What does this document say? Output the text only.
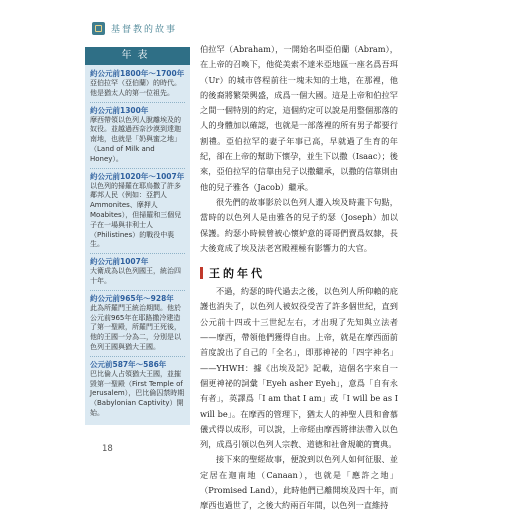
基督教的故事
年表
約公元前1800年～1700年
亞伯拉罕（亞伯蘭）的時代。他是猶太人的第一位祖先。
約公元前1300年
摩西帶領以色列人脫離埃及的奴役。並越過西奈沙漠到達迦南地，也就是「奶與蜜之地」（Land of Milk and Honey）。
約公元前1020年～1007年
以色列的掃羅在耶烏撒了許多鄰邦人民（例如：亞捫人Ammonites、摩押人Moabites），但掃羅和三個兒子在一場與非利士人（Philistines）的戰役中喪生。
約公元前1007年
大衛成為以色列國王，統治四十年。
約公元前965年～928年
此為所羅門王統治期間。他於公元前965年在耶路撒冷建造了第一聖殿，所羅門王死後，他的王國一分為二，分別是以色列王國與猶大王國。
公元前587年～586年
巴比倫人占領猶大王國，並摧毀第一聖殿（First Temple of Jerusalem），巴比倫囚禁時期（Babylonian Captivity）開始。

伯拉罕（Abraham），一開始名叫亞伯蘭（Abram），在上帝的召喚下，他從美索不達米亞地區一座名爲吾珥（Ur）的城市啓程前往一塊未知的土地，在那裡，他的後裔將繁榮興盛，成爲一個大國。這是上帝和伯拉罕之間一個特別的約定，這個約定可以說是用整個那落的人的身體加以確認，也就是一部落裡的所有男子都要行割禮。亞伯拉罕的妻子年事已高，早就過了生育的年紀，卻在上帝的幫助下懷孕，並生下以撒（Isaac）；後來，亞伯拉罕的信靠由兒子以撒繼承，以撒的信靠則由他的兒子雅各（Jacob）繼承。

很先們的故事影於以色列人遷入埃及時畫下句點，當時的以色列人是由雅各的兒子約瑟（Joseph）加以保護。約瑟小時候曾被心懷妒意的哥哥們賣爲奴隸，長大後竟成了埃及法老宮殿裡極有影響力的大官。

王的年代

不過，約瑟的時代過去之後，以色列人所仰賴的庇護也消失了，以色列人被奴役受苦了許多個世紀，直到公元前十四或十三世紀左右，才出現了先知與立法者——摩西，帶領他們獲得自由。上帝，就是在摩西面前首度說出了自己的「全名」，即那神祕的「四字神名」——YHWH：據《出埃及記》記載，這個名字來自一個更神祕的詞彙「Eyeh asher Eyeh」，意爲「自有永有者」，英譯爲「I am that I am」或「I will be as I will be」。在摩西的管理下，猶太人的神聖人員和會慕儀式得以成形，可以說，上帝經由摩西將律法帶入以色列，成爲引領以色列人宗教、道德和社會規範的寶典。

接下來的聖經故事，便說到以色列人如何征服、並定居在迦南地（Canaan），也就是「應許之地」（Promised Land），此時他們已離開埃及四十年，而摩西也過世了，之後大約兩百年間，以色列一直維持

18
